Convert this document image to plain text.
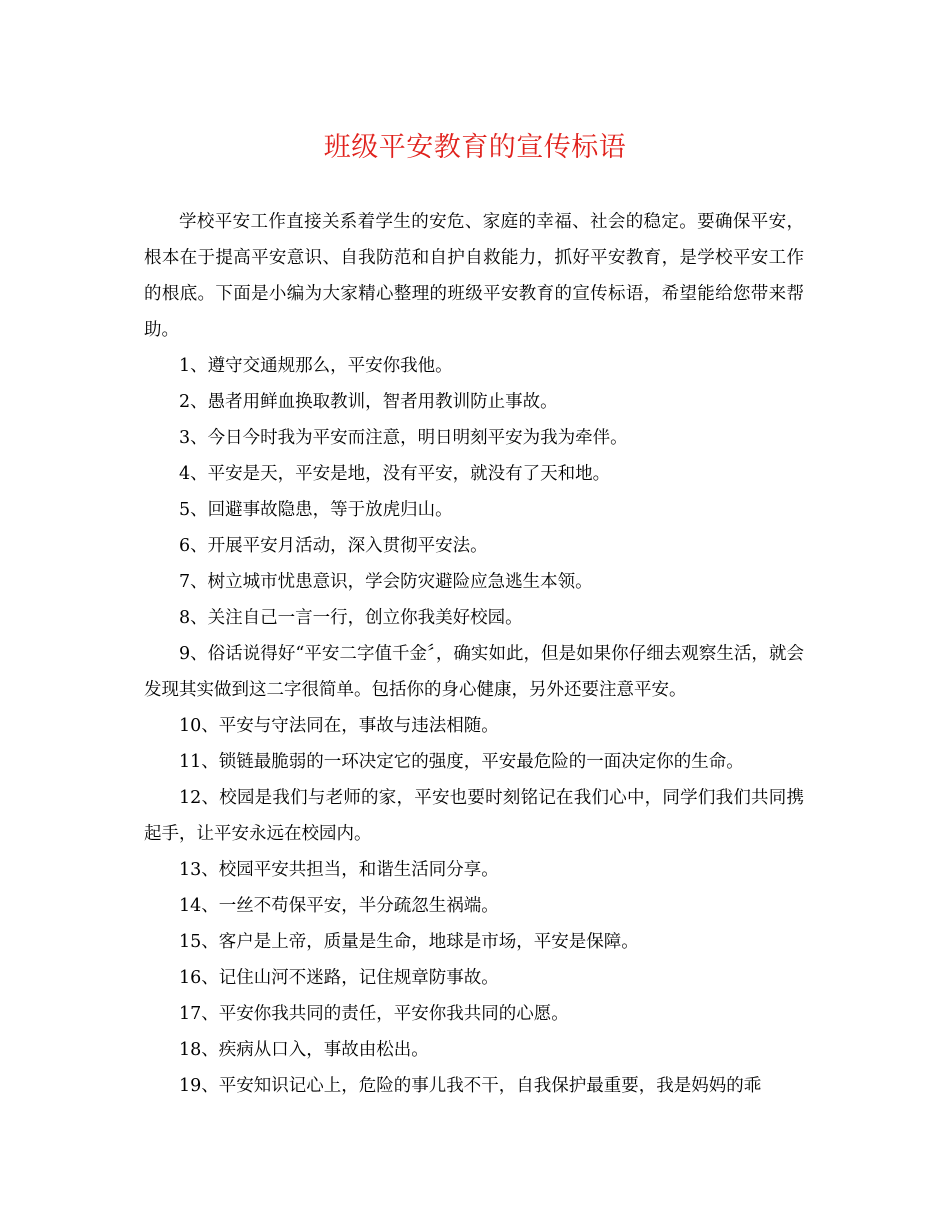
班级平安教育的宣传标语

学校平安工作直接关系着学生的安危、家庭的幸福、社会的稳定。要确保平安，根本在于提高平安意识、自我防范和自护自救能力，抓好平安教育，是学校平安工作的根底。下面是小编为大家精心整理的班级平安教育的宣传标语，希望能给您带来帮助。

1、遵守交通规那么，平安你我他。

2、愚者用鲜血换取教训，智者用教训防止事故。

3、今日今时我为平安而注意，明日明刻平安为我为牵伴。

4、平安是天，平安是地，没有平安，就没有了天和地。

5、回避事故隐患，等于放虎归山。

6、开展平安月活动，深入贯彻平安法。

7、树立城市忧患意识，学会防灾避险应急逃生本领。

8、关注自己一言一行，创立你我美好校园。

9、俗话说得好“平安二字值千金〞，确实如此，但是如果你仔细去观察生活，就会发现其实做到这二字很简单。包括你的身心健康，另外还要注意平安。

10、平安与守法同在，事故与违法相随。

11、锁链最脆弱的一环决定它的强度，平安最危险的一面决定你的生命。

12、校园是我们与老师的家，平安也要时刻铭记在我们心中，同学们我们共同携起手，让平安永远在校园内。

13、校园平安共担当，和谐生活同分享。

14、一丝不苟保平安，半分疏忽生祸端。

15、客户是上帝，质量是生命，地球是市场，平安是保障。

16、记住山河不迷路，记住规章防事故。

17、平安你我共同的责任，平安你我共同的心愿。

18、疾病从口入，事故由松出。

19、平安知识记心上，危险的事儿我不干，自我保护最重要，我是妈妈的乖
